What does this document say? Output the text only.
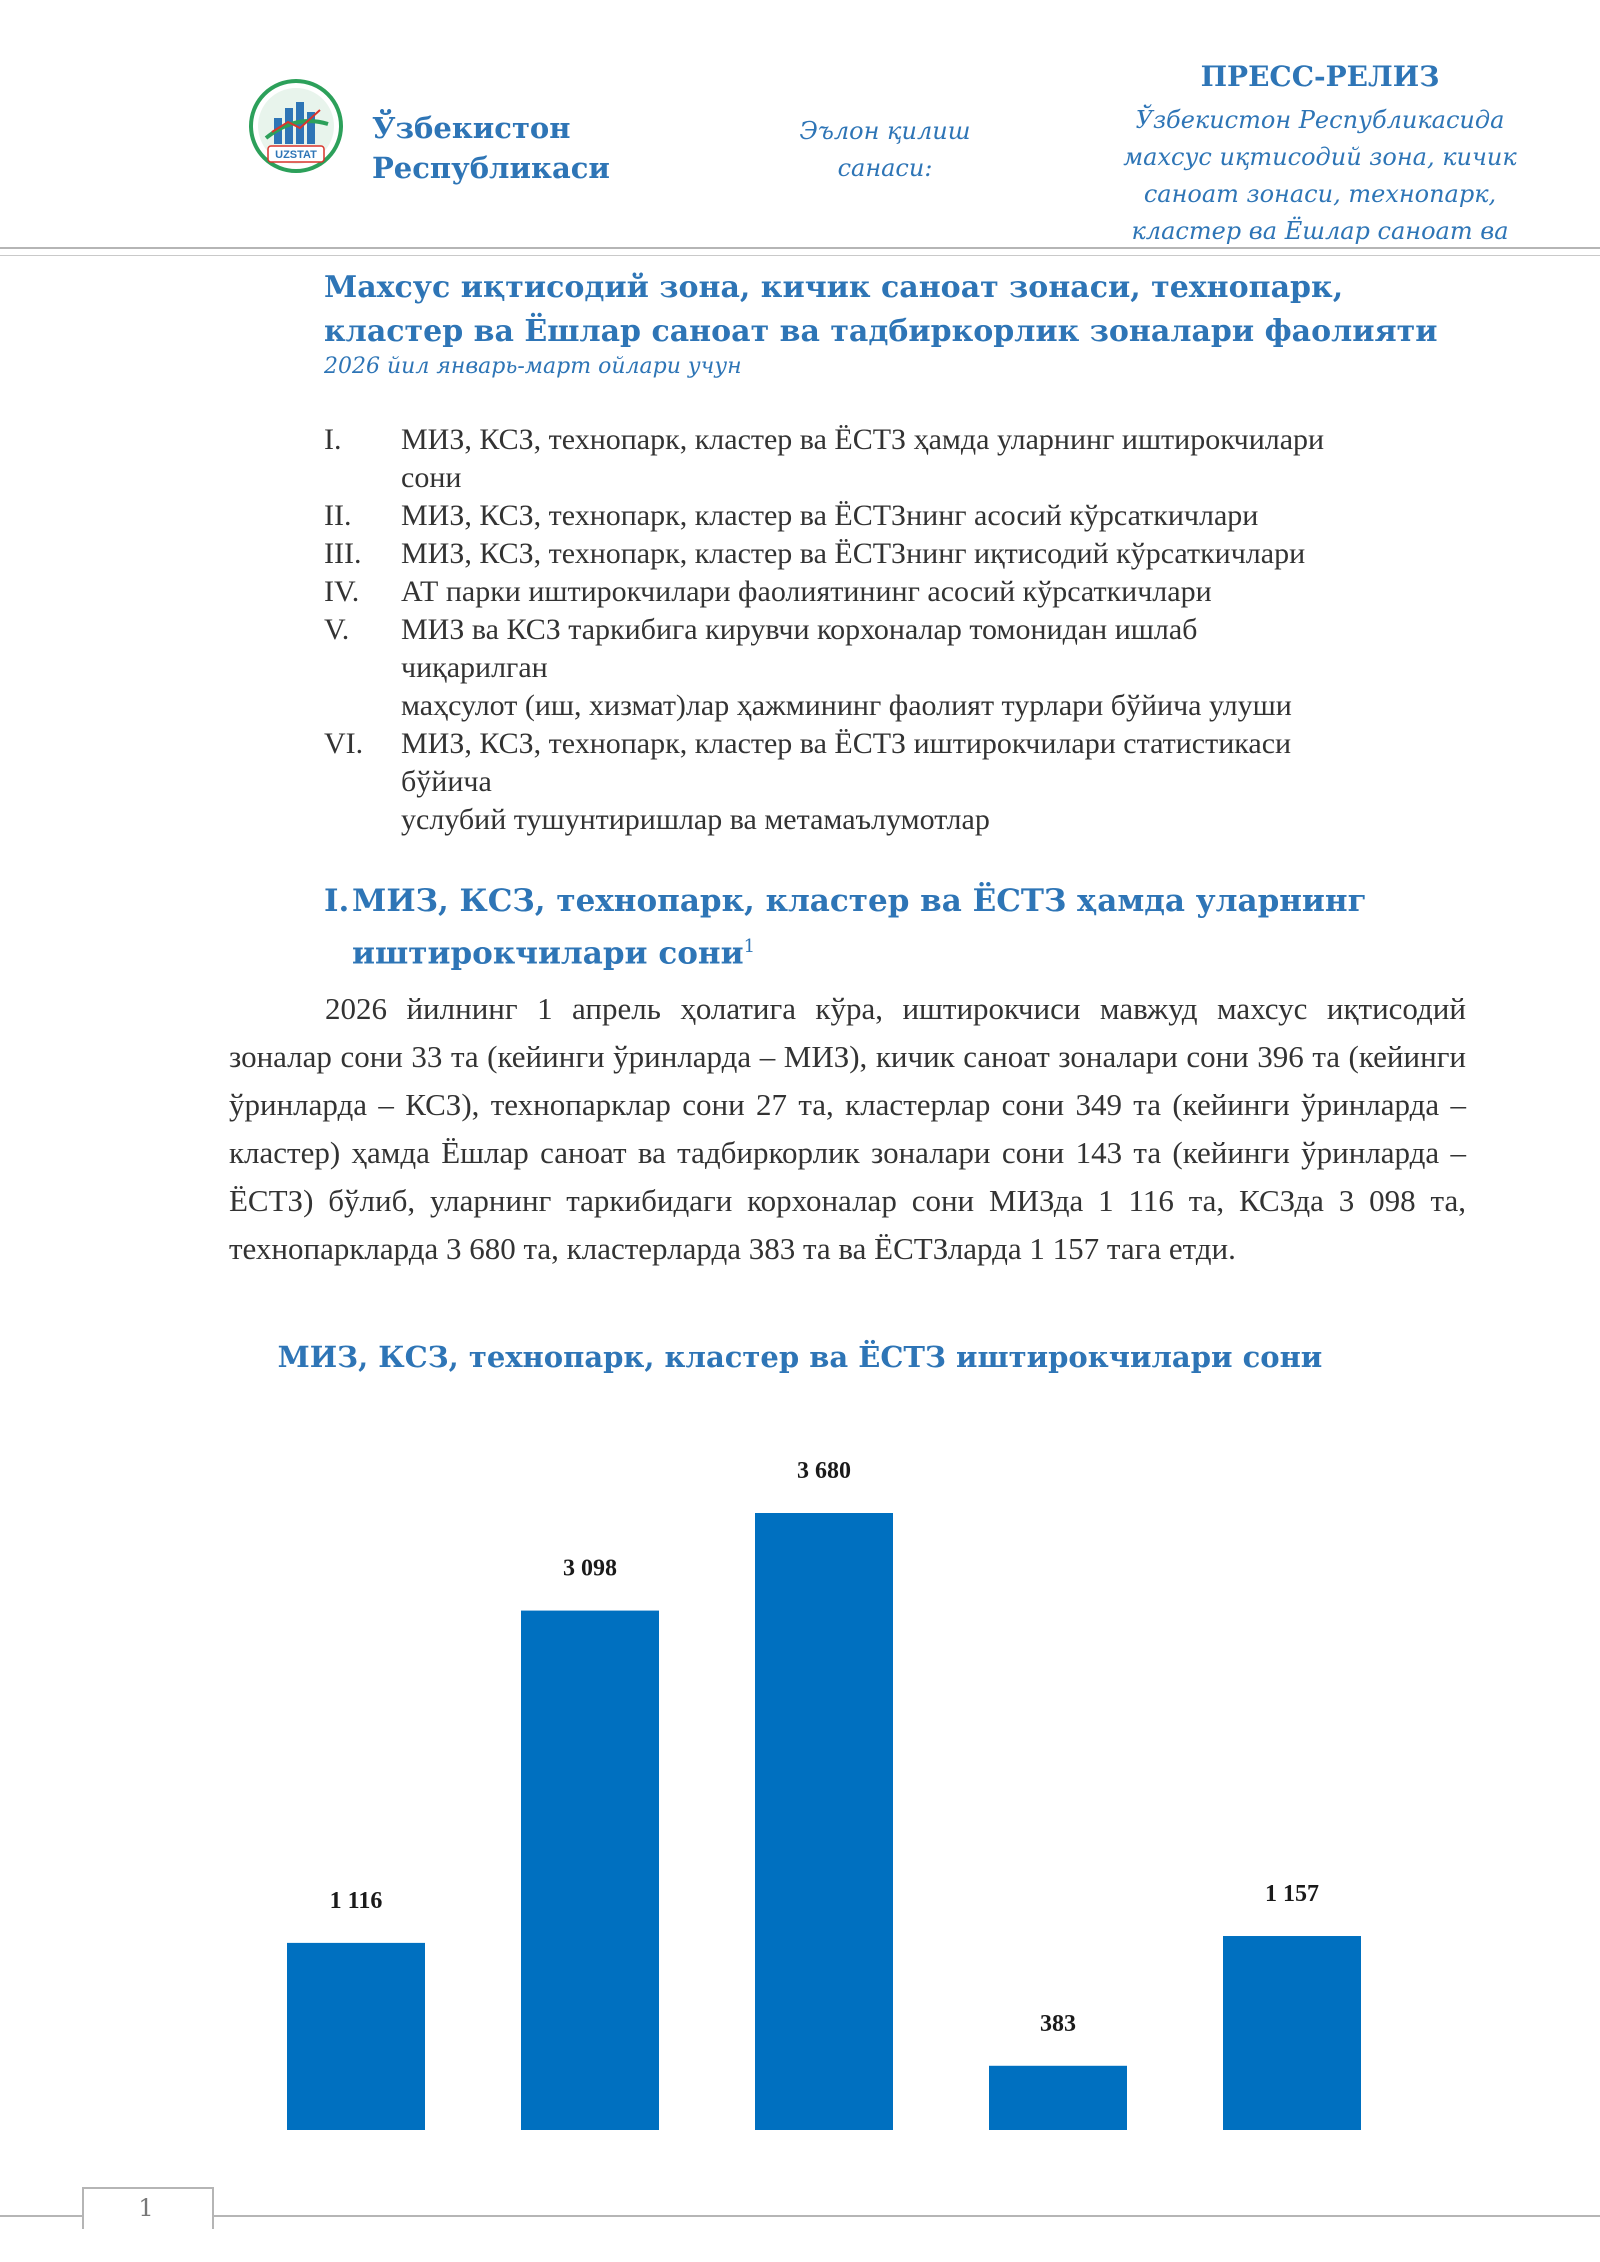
UZSTAT
Ўзбекистон
Республикаси
Эълон қилиш
санаси:
ПРЕСС-РЕЛИЗ
Ўзбекистон Республикасида махсус иқтисодий зона, кичик саноат зонаси, технопарк, кластер ва Ёшлар саноат ва
Махсус иқтисодий зона, кичик саноат зонаси, технопарк, кластер ва Ёшлар саноат ва тадбиркорлик зоналари фаолияти
2026 йил январь-март ойлари учун
I.	МИЗ, КСЗ, технопарк, кластер ва ЁСТЗ ҳамда уларнинг иштирокчилари
сони
II.	МИЗ, КСЗ, технопарк, кластер ва ЁСТЗнинг асосий кўрсаткичлари
III.	МИЗ, КСЗ, технопарк, кластер ва ЁСТЗнинг иқтисодий кўрсаткичлари
IV.	АТ парки иштирокчилари фаолиятининг асосий кўрсаткичлари
V.	МИЗ ва КСЗ таркибига кирувчи корхоналар томонидан ишлаб
чиқарилган
маҳсулот (иш, хизмат)лар ҳажмининг фаолият турлари бўйича улуши
VI.	МИЗ, КСЗ, технопарк, кластер ва ЁСТЗ иштирокчилари статистикаси
бўйича
услубий тушунтиришлар ва метамаълумотлар
I. МИЗ, КСЗ, технопарк, кластер ва ЁСТЗ ҳамда уларнинг иштирокчилари сони$^1$
2026 йилнинг 1 апрель ҳолатига кўра, иштирокчиси мавжуд махсус иқтисодий зоналар сони 33 та (кейинги ўринларда – МИЗ), кичик саноат зоналари сони 396 та (кейинги ўринларда – КСЗ), технопарклар сони 27 та, кластерлар сони 349 та (кейинги ўринларда – кластер) ҳамда Ёшлар саноат ва тадбиркорлик зоналари сони 143 та (кейинги ўринларда – ЁСТЗ) бўлиб, уларнинг таркибидаги корхоналар сони МИЗда 1 116 та, КСЗда 3 098 та, технопаркларда 3 680 та, кластерларда 383 та ва ЁСТЗларда 1 157 тага етди.
МИЗ, КСЗ, технопарк, кластер ва ЁСТЗ иштирокчилари сони
1 116
3 098
3 680
383
1 157
1
